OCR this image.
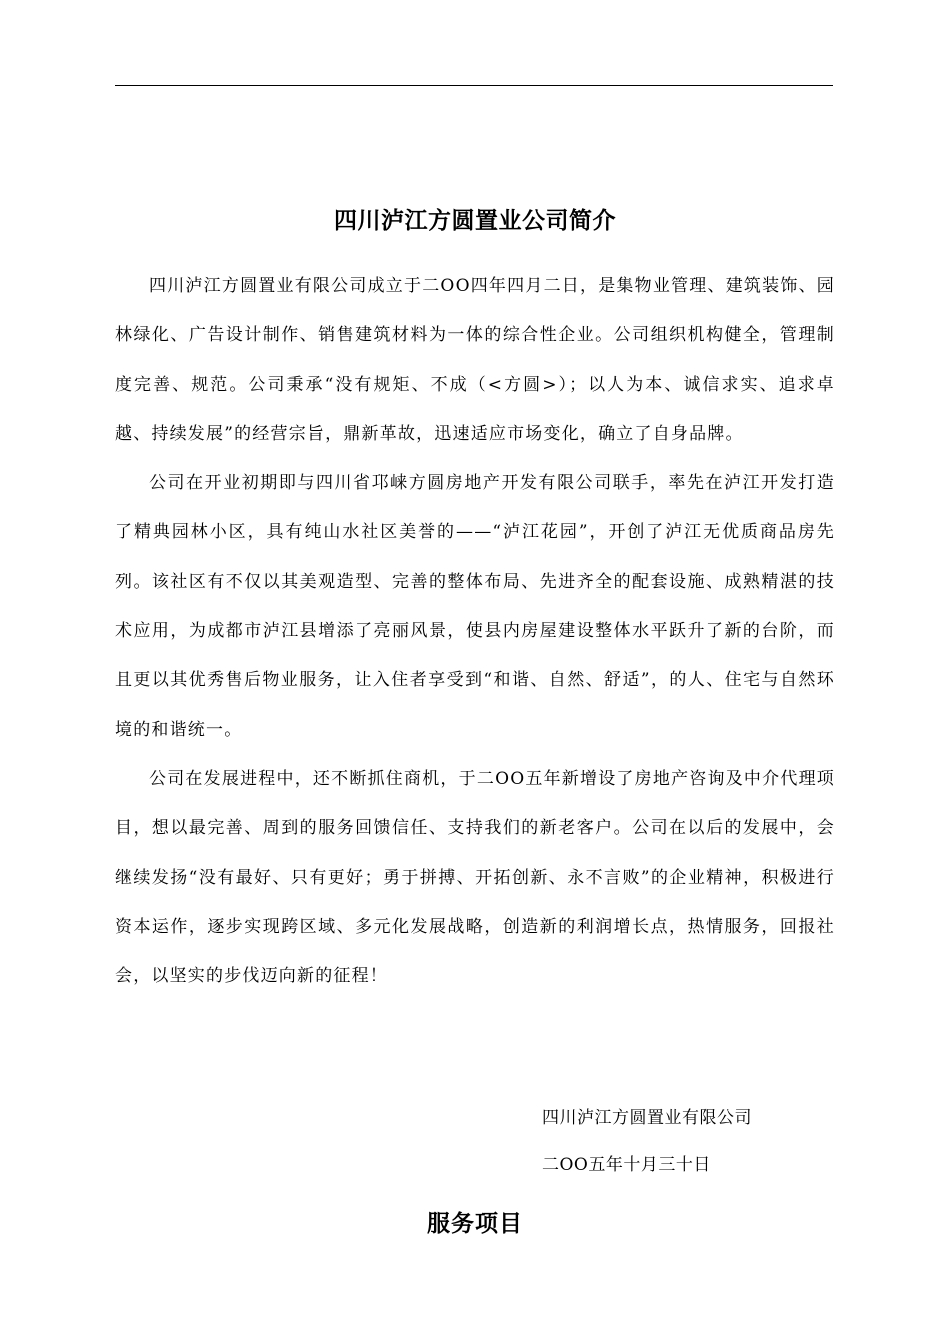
四川泸江方圆置业公司简介

四川泸江方圆置业有限公司成立于二OO四年四月二日，是集物业管理、建筑装饰、园林绿化、广告设计制作、销售建筑材料为一体的综合性企业。公司组织机构健全，管理制度完善、规范。公司秉承“没有规矩、不成（<方圆>）；以人为本、诚信求实、追求卓越、持续发展”的经营宗旨，鼎新革故，迅速适应市场变化，确立了自身品牌。

公司在开业初期即与四川省邛崃方圆房地产开发有限公司联手，率先在泸江开发打造了精典园林小区，具有纯山水社区美誉的——“泸江花园”，开创了泸江无优质商品房先列。该社区有不仅以其美观造型、完善的整体布局、先进齐全的配套设施、成熟精湛的技术应用，为成都市泸江县增添了亮丽风景，使县内房屋建设整体水平跃升了新的台阶，而且更以其优秀售后物业服务，让入住者享受到“和谐、自然、舒适”，的人、住宅与自然环境的和谐统一。

公司在发展进程中，还不断抓住商机，于二OO五年新增设了房地产咨询及中介代理项目，想以最完善、周到的服务回馈信任、支持我们的新老客户。公司在以后的发展中，会继续发扬“没有最好、只有更好；勇于拼搏、开拓创新、永不言败”的企业精神，积极进行资本运作，逐步实现跨区域、多元化发展战略，创造新的利润增长点，热情服务，回报社会，以坚实的步伐迈向新的征程！

四川泸江方圆置业有限公司
二OO五年十月三十日
服务项目
